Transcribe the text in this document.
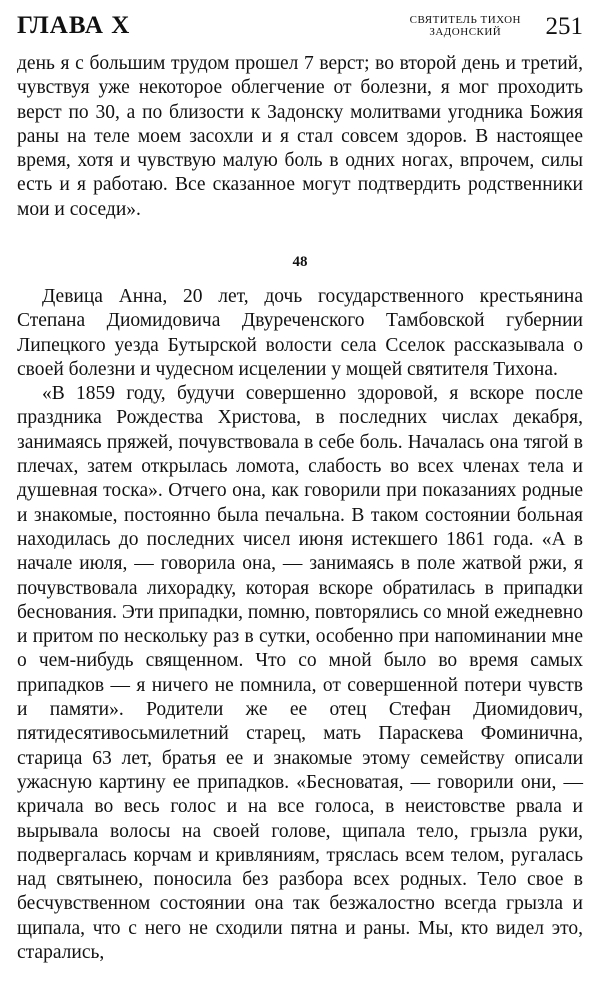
ГЛАВА X	СВЯТИТЕЛЬ ТИХОН
ЗАДОНСКИЙ	251

день я с большим трудом прошел 7 верст; во второй день и третий, чувствуя уже некоторое облегчение от болезни, я мог проходить верст по 30, а по близости к Задонску молитвами угодника Божия раны на теле моем засохли и я стал совсем здоров. В настоящее время, хотя и чувствую малую боль в одних ногах, впрочем, силы есть и я работаю. Все сказанное могут подтвердить родственники мои и соседи».

48

Девица Анна, 20 лет, дочь государственного крестьянина Степана Диомидовича Двуреченского Тамбовской губернии Липецкого уезда Бутырской волости села Сселок рассказывала о своей болезни и чудесном исцелении у мощей святителя Тихона.

«В 1859 году, будучи совершенно здоровой, я вскоре после праздника Рождества Христова, в последних числах декабря, занимаясь пряжей, почувствовала в себе боль. Началась она тягой в плечах, затем открылась ломота, слабость во всех членах тела и душевная тоска». Отчего она, как говорили при показаниях родные и знакомые, постоянно была печальна. В таком состоянии больная находилась до последних чисел июня истекшего 1861 года. «А в начале июля, — говорила она, — занимаясь в поле жатвой ржи, я почувствовала лихорадку, которая вскоре обратилась в припадки беснования. Эти припадки, помню, повторялись со мной ежедневно и притом по нескольку раз в сутки, особенно при напоминании мне о чем-нибудь священном. Что со мной было во время самых припадков — я ничего не помнила, от совершенной потери чувств и памяти». Родители же ее отец Стефан Диомидович, пятидесятивосьмилетний старец, мать Параскева Фоминична, старица 63 лет, братья ее и знакомые этому семейству описали ужасную картину ее припадков. «Бесноватая, — говорили они, — кричала во весь голос и на все голоса, в неистовстве рвала и вырывала волосы на своей голове, щипала тело, грызла руки, подвергалась корчам и кривляниям, тряслась всем телом, ругалась над святынею, поносила без разбора всех родных. Тело свое в бесчувственном состоянии она так безжалостно всегда грызла и щипала, что с него не сходили пятна и раны. Мы, кто видел это, старались,
